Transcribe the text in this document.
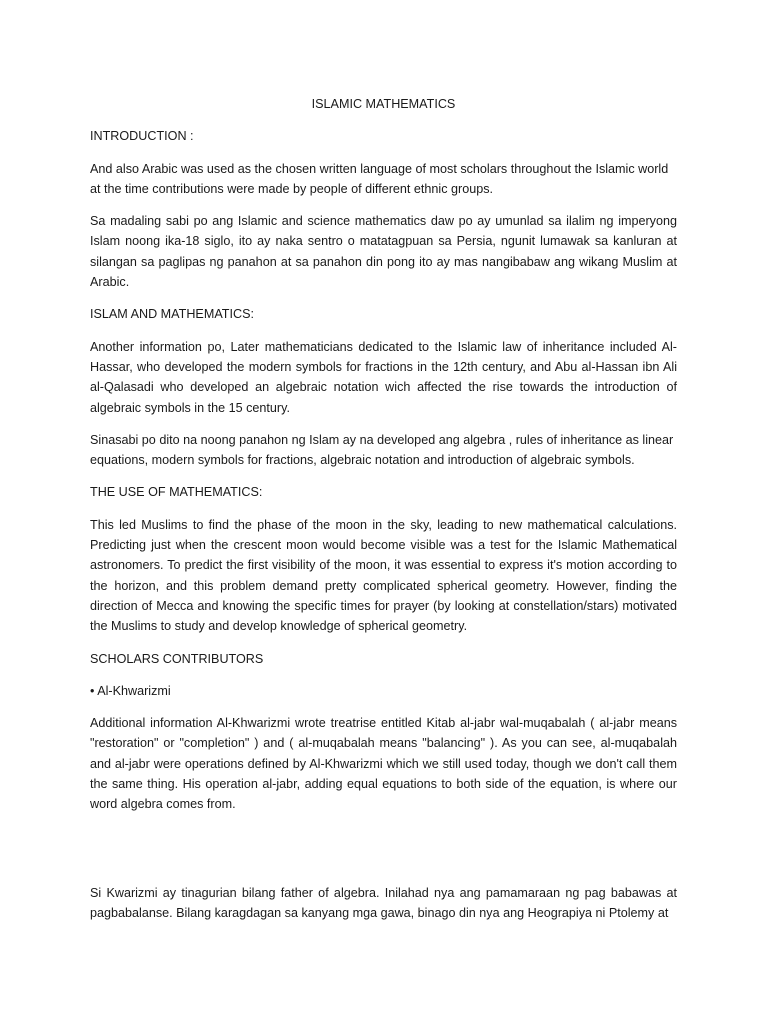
ISLAMIC MATHEMATICS

INTRODUCTION :

And also Arabic was used as the chosen written language of most scholars throughout the Islamic world at the time contributions were made by people of different ethnic groups.

Sa madaling sabi po ang Islamic and science mathematics daw po ay umunlad sa ilalim ng imperyong Islam noong ika-18 siglo, ito ay naka sentro o matatagpuan sa Persia, ngunit lumawak sa kanluran at silangan sa paglipas ng panahon at sa panahon din pong ito ay mas nangibabaw ang wikang Muslim at Arabic.

ISLAM AND MATHEMATICS:

Another information po, Later mathematicians dedicated to the Islamic law of inheritance included Al-Hassar, who developed the modern symbols for fractions in the 12th century, and Abu al-Hassan ibn Ali al-Qalasadi who developed an algebraic notation wich affected the rise towards the introduction of algebraic symbols in the 15 century.

Sinasabi po dito na noong panahon ng Islam ay na developed ang algebra , rules of inheritance as linear equations, modern symbols for fractions, algebraic notation and introduction of algebraic symbols.

THE USE OF MATHEMATICS:

This led Muslims to find the phase of the moon in the sky, leading to new mathematical calculations. Predicting just when the crescent moon would become visible was a test for the Islamic Mathematical astronomers. To predict the first visibility of the moon, it was essential to express it's motion according to the horizon, and this problem demand pretty complicated spherical geometry. However, finding the direction of Mecca and knowing the specific times for prayer (by looking at constellation/stars) motivated the Muslims to study and develop knowledge of spherical geometry.

SCHOLARS CONTRIBUTORS

• Al-Khwarizmi

Additional information Al-Khwarizmi wrote treatrise entitled Kitab al-jabr wal-muqabalah ( al-jabr means "restoration" or "completion" ) and ( al-muqabalah means "balancing" ). As you can see, al-muqabalah and al-jabr were operations defined by Al-Khwarizmi which we still used today, though we don't call them the same thing. His operation al-jabr, adding equal equations to both side of the equation, is where our word algebra comes from.

Si Kwarizmi ay tinagurian bilang father of algebra. Inilahad nya ang pamamaraan ng pag babawas at pagbabalanse. Bilang karagdagan sa kanyang mga gawa, binago din nya ang Heograpiya ni Ptolemy at
